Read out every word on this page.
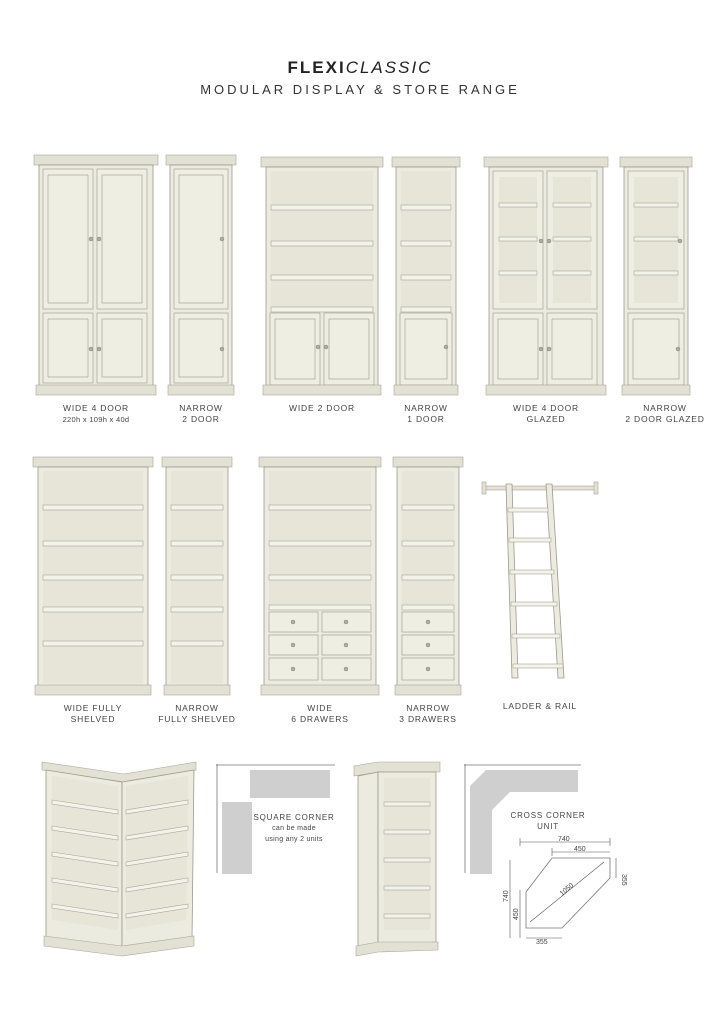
FLEXICLASSIC
MODULAR DISPLAY & STORE RANGE
WIDE 4 DOOR
220h x 109h x 40d
NARROW
2 DOOR
WIDE 2 DOOR	NARROW
1 DOOR
WIDE 4 DOOR
GLAZED
NARROW
2 DOOR GLAZED
WIDE FULLY
SHELVED
NARROW
FULLY SHELVED
WIDE
6 DRAWERS
NARROW
3 DRAWERS
LADDER & RAIL
SQUARE CORNER
can be made
using any 2 units
CROSS CORNER
UNIT
740
450
740
450
1050
355
355
